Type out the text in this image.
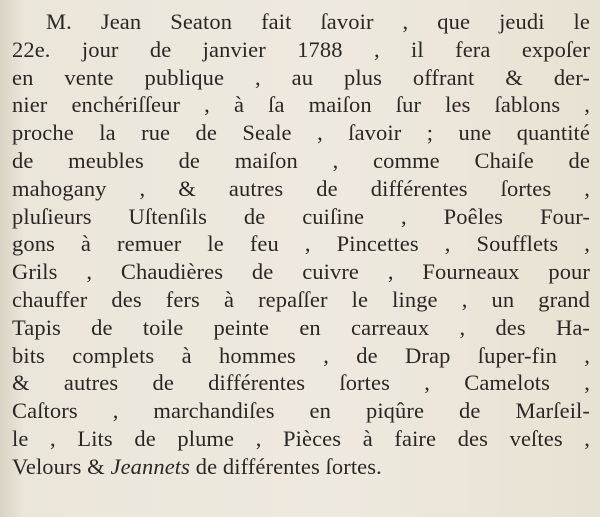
M. Jean Seaton fait ſavoir , que jeudi le
22e. jour de janvier 1788 , il fera expoſer
en vente publique , au plus offrant & der-
nier enchériſſeur , à ſa maiſon ſur les ſablons ,
proche la rue de Seale , ſavoir ; une quantité
de meubles de maiſon , comme Chaiſe de
mahogany , & autres de différentes ſortes ,
pluſieurs Uſtenſils de cuiſine , Poêles Four-
gons à remuer le feu , Pincettes , Soufflets ,
Grils , Chaudières de cuivre , Fourneaux pour
chauffer des fers à repaſſer le linge , un grand
Tapis de toile peinte en carreaux , des Ha-
bits complets à hommes , de Drap ſuper-fin ,
& autres de différentes ſortes , Camelots ,
Caſtors , marchandiſes en piqûre de Marſeil-
le , Lits de plume , Pièces à faire des veſtes ,
Velours & Jeannets de différentes ſortes.
